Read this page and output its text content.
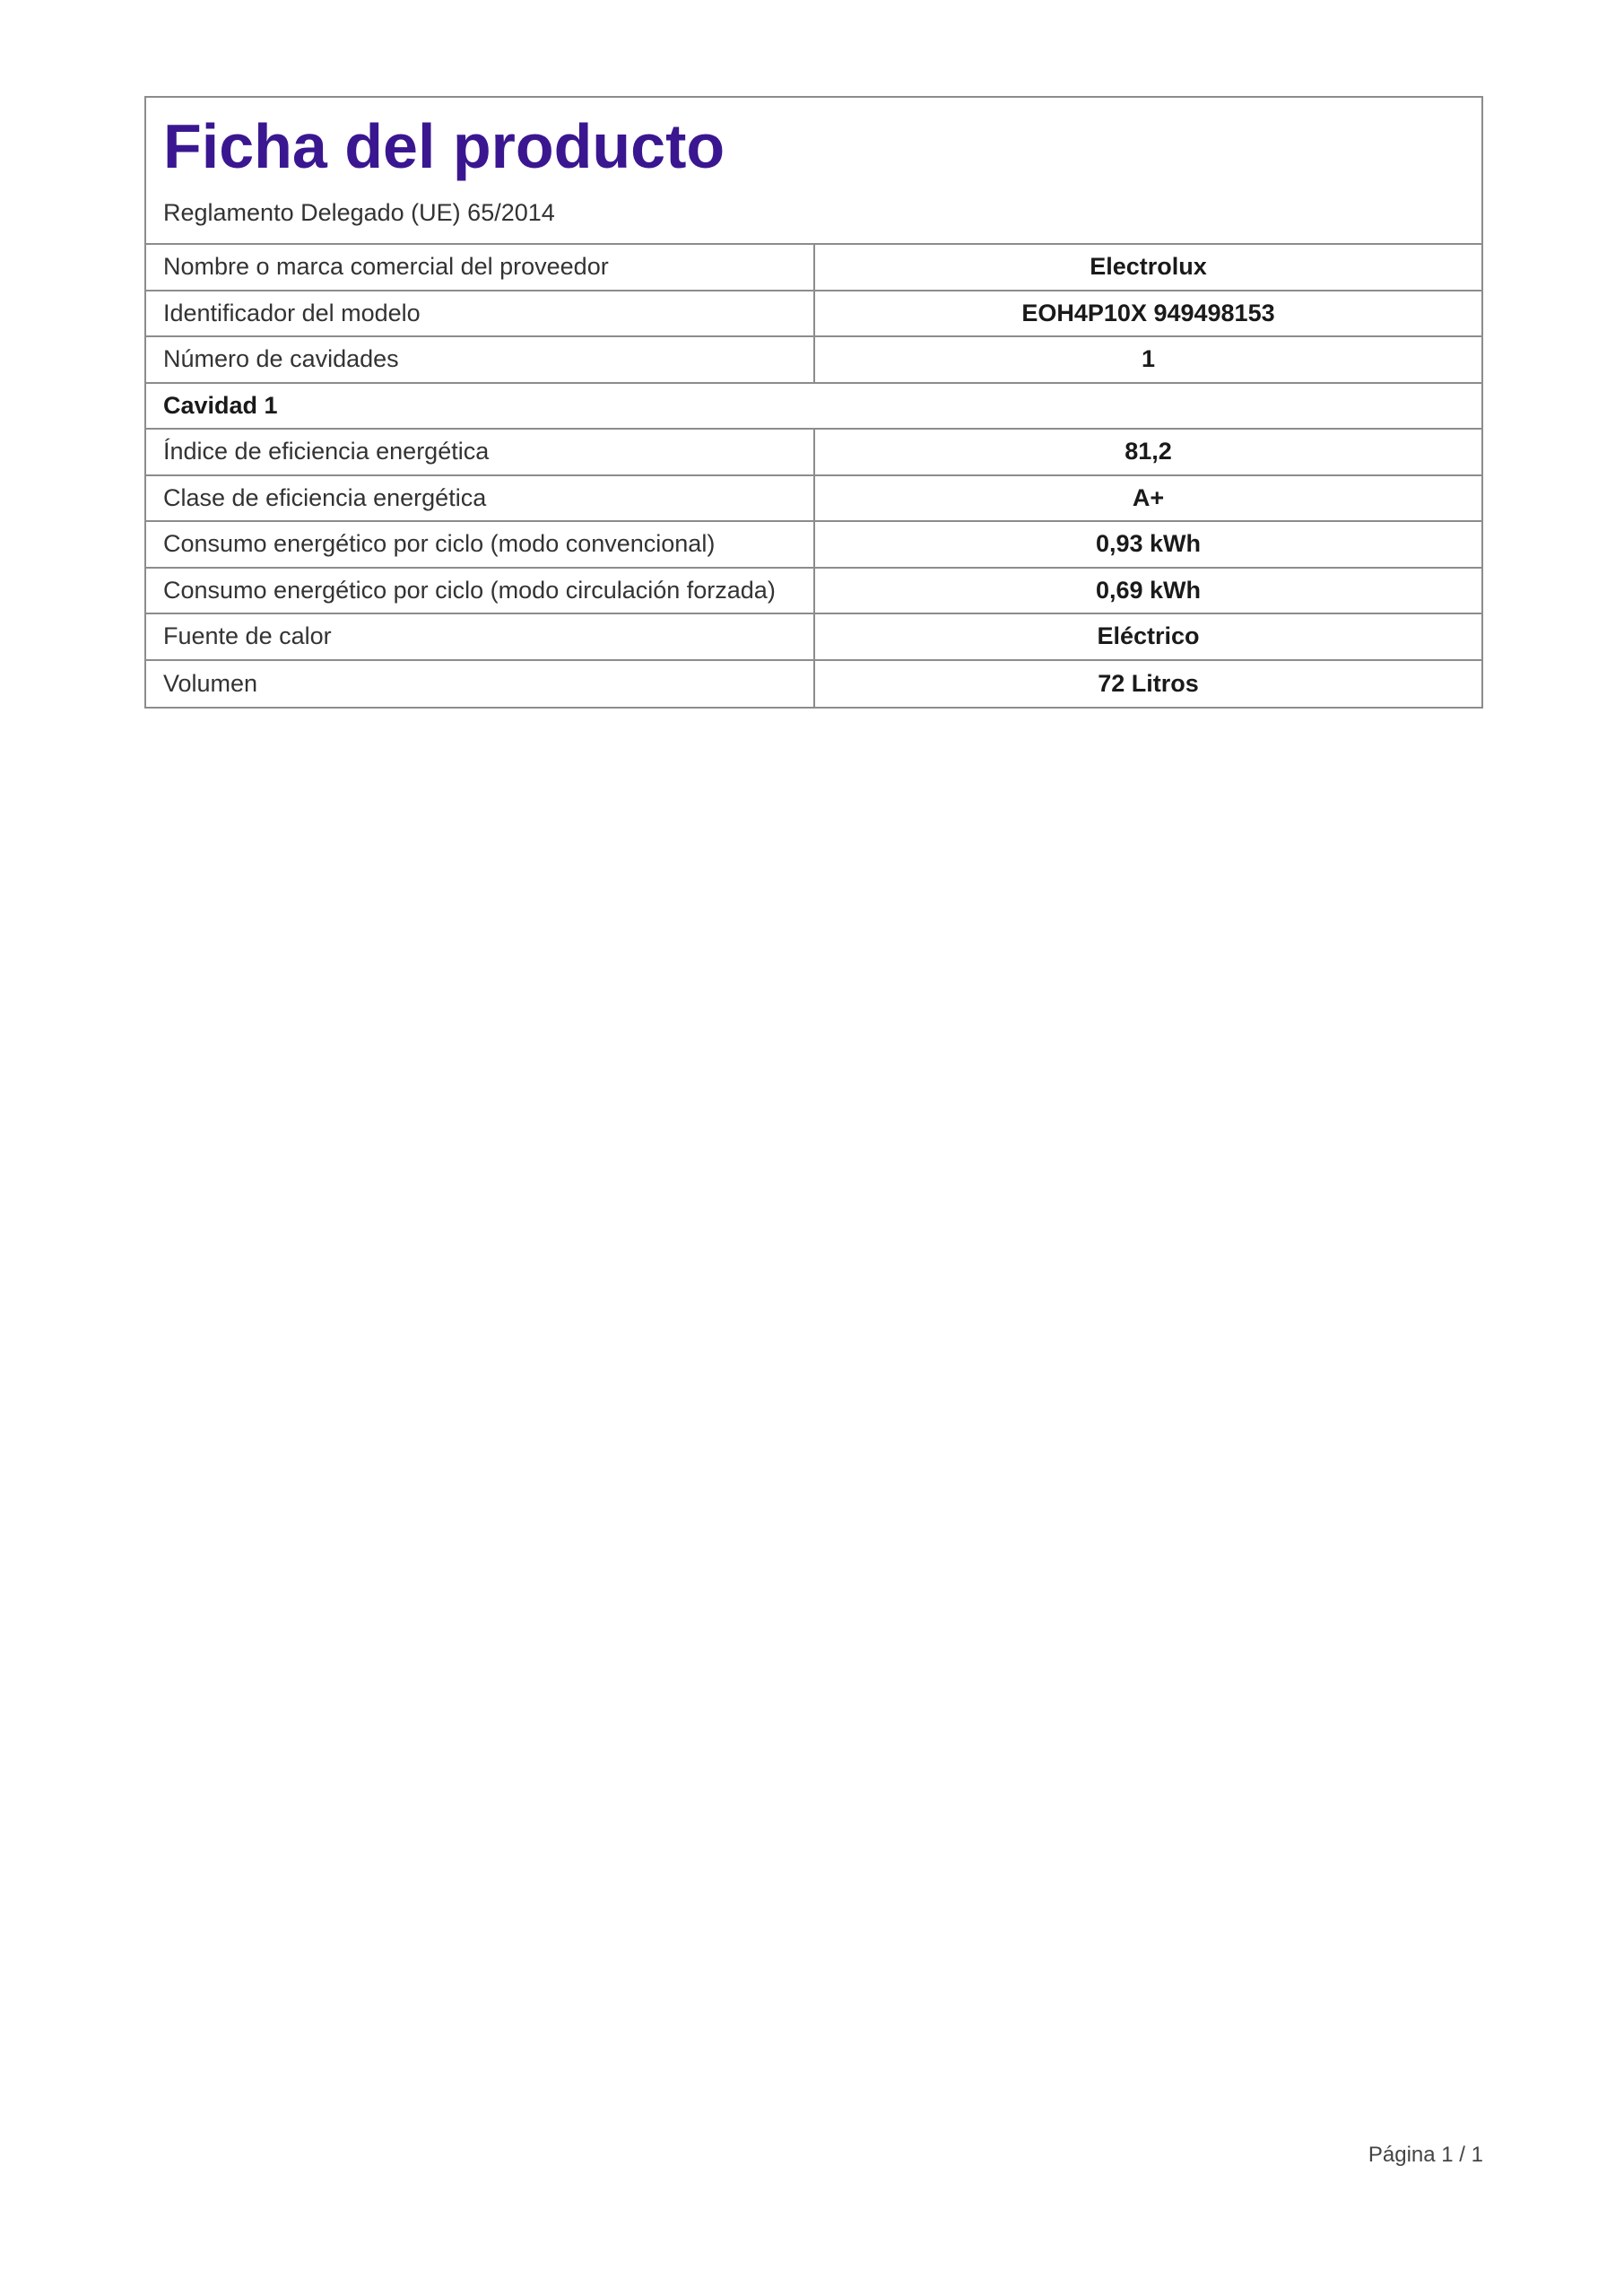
Ficha del producto
Reglamento Delegado (UE) 65/2014
Nombre o marca comercial del proveedor	Electrolux
Identificador del modelo	EOH4P10X 949498153
Número de cavidades	1
Cavidad 1
Índice de eficiencia energética	81,2
Clase de eficiencia energética	A+
Consumo energético por ciclo (modo convencional)	0,93 kWh
Consumo energético por ciclo (modo circulación forzada)	0,69 kWh
Fuente de calor	Eléctrico
Volumen	72 Litros
Página 1 / 1
